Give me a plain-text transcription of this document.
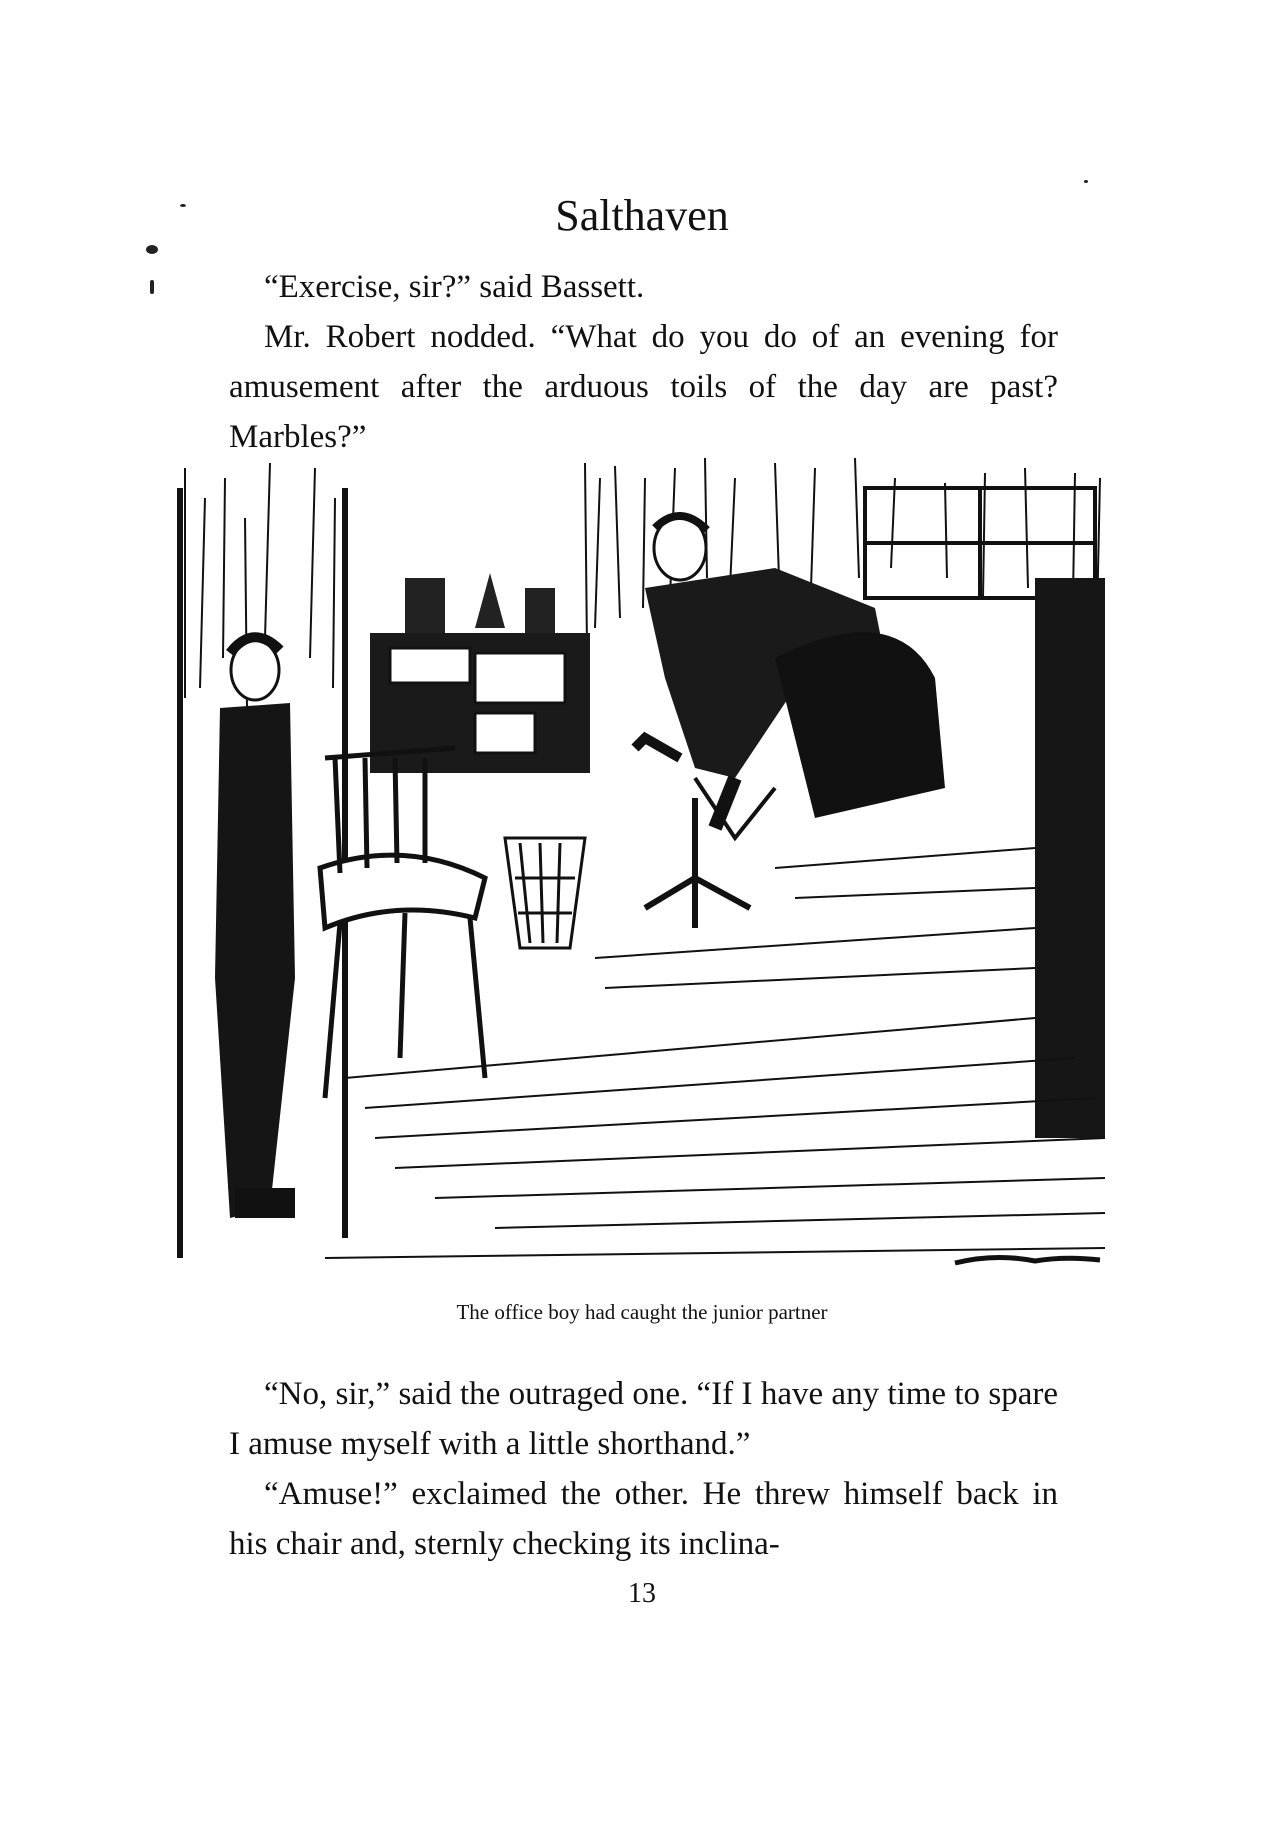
Salthaven

“Exercise, sir?” said Bassett.

Mr. Robert nodded. “What do you do of an evening for amusement after the arduous toils of the day are past? Marbles?”

The office boy had caught the junior partner

“No, sir,” said the outraged one. “If I have any time to spare I amuse myself with a little shorthand.”

“Amuse!” exclaimed the other. He threw himself back in his chair and, sternly checking its inclina-

13
